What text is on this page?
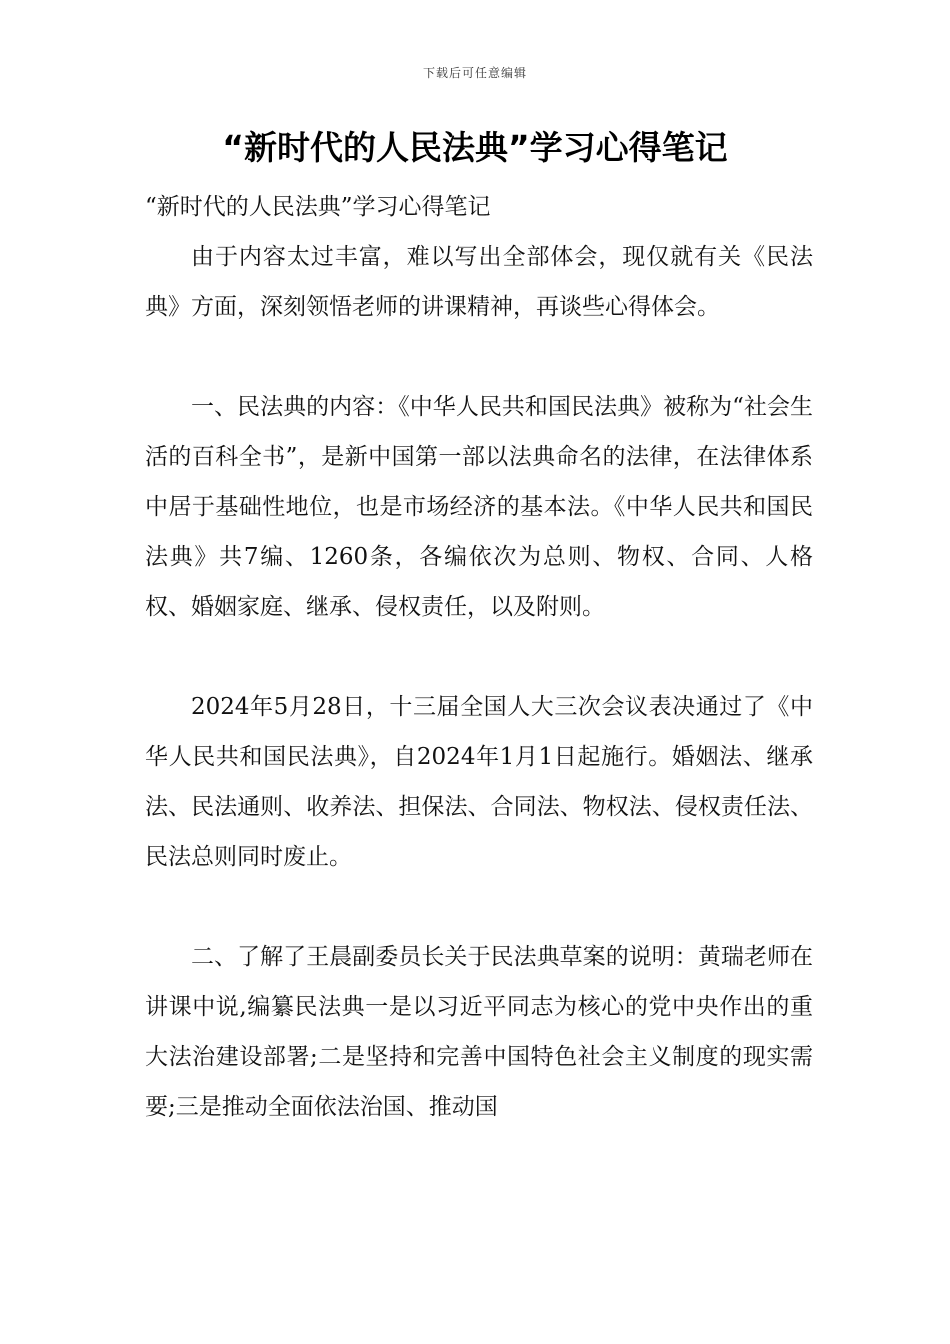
下载后可任意编辑
“新时代的人民法典”学习心得笔记

“新时代的人民法典”学习心得笔记

由于内容太过丰富，难以写出全部体会，现仅就有关《民法典》方面，深刻领悟老师的讲课精神，再谈些心得体会。

一、民法典的内容：《中华人民共和国民法典》被称为“社会生活的百科全书”，是新中国第一部以法典命名的法律，在法律体系中居于基础性地位，也是市场经济的基本法。《中华人民共和国民法典》共7编、1260条，各编依次为总则、物权、合同、人格权、婚姻家庭、继承、侵权责任，以及附则。

2024年5月28日，十三届全国人大三次会议表决通过了《中华人民共和国民法典》，自2024年1月1日起施行。婚姻法、继承法、民法通则、收养法、担保法、合同法、物权法、侵权责任法、民法总则同时废止。

二、了解了王晨副委员长关于民法典草案的说明：黄瑞老师在讲课中说,编纂民法典一是以习近平同志为核心的党中央作出的重大法治建设部署;二是坚持和完善中国特色社会主义制度的现实需要;三是推动全面依法治国、推动国
